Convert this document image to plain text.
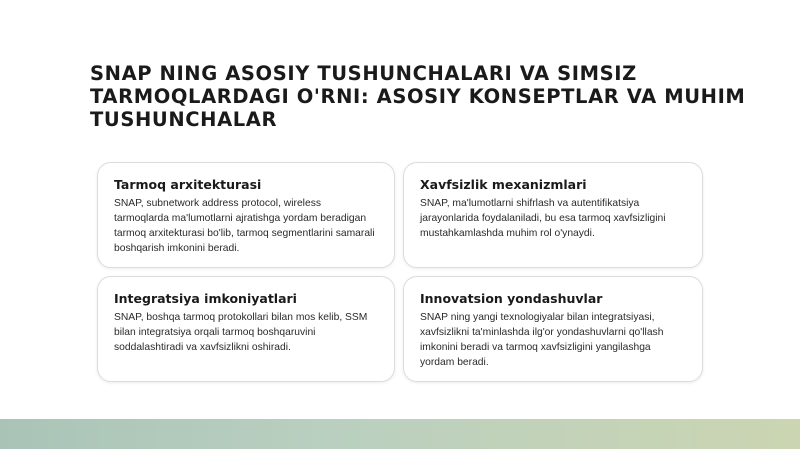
SNAP NING ASOSIY TUSHUNCHALARI VA SIMSIZ TARMOQLARDAGI O'RNI: ASOSIY KONSEPTLAR VA MUHIM TUSHUNCHALAR
Tarmoq arxitekturasi

SNAP, subnetwork address protocol, wireless tarmoqlarda ma'lumotlarni ajratishga yordam beradigan tarmoq arxitekturasi bo'lib, tarmoq segmentlarini samarali boshqarish imkonini beradi.

Xavfsizlik mexanizmlari

SNAP, ma'lumotlarni shifrlash va autentifikatsiya jarayonlarida foydalaniladi, bu esa tarmoq xavfsizligini mustahkamlashda muhim rol o'ynaydi.

Integratsiya imkoniyatlari

SNAP, boshqa tarmoq protokollari bilan mos kelib, SSM bilan integratsiya orqali tarmoq boshqaruvini soddalashtiradi va xavfsizlikni oshiradi.

Innovatsion yondashuvlar

SNAP ning yangi texnologiyalar bilan integratsiyasi, xavfsizlikni ta'minlashda ilg'or yondashuvlarni qo'llash imkonini beradi va tarmoq xavfsizligini yangilashga yordam beradi.
